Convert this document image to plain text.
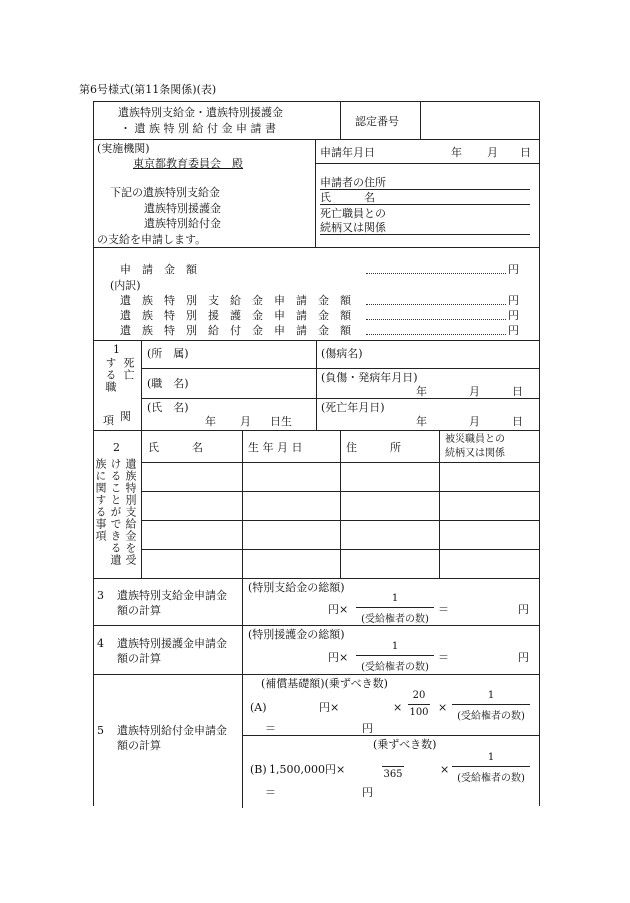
第6号様式(第11条関係)(表)
遺族特別支給金・遺族特別援護金
・ 遺 族 特 別 給 付 金 申 請 書
認定番号
(実施機関)
東京都教育委員会　殿
下記の遺族特別支給金
遺族特別援護金
遺族特別給付金
の支給を申請します。
申請年月日	年 月 日
申請者の住所
氏　　　名
死亡職員との
続柄又は関係
申　請　金　額	円
(内訳)
遺　族　特　別　支　給　金　申　請　金　額	円
遺　族　特　別　援　護　金　申　請　金　額	円
遺　族　特　別　給　付　金　申　請　金　額	円
1
死亡
する職
関
項
(所　属)
(職　名)
(氏　名)
年 月 日生
(傷病名)
(負傷・発病年月日)
年	月	日
(死亡年月日)
年	月	日
2
遺族特別支給金を受
けることができる遺
族に関する事項
氏　　　名	生 年 月 日	住　　　所
被災職員との
続柄又は関係
3 遺族特別支給金申請金
額の計算
(特別支給金の総額)
円×
1
(受給権者の数)
＝	円
4 遺族特別援護金申請金
額の計算
(特別援護金の総額)
円×
1
(受給権者の数)
＝	円
5 遺族特別給付金申請金
額の計算
(補償基礎額)(乗ずべき数)
(A)	円×	×
20
100 ×
1
(受給権者の数)
＝	円
(乗ずべき数)
(B) 1,500,000円×	365	×
1
(受給権者の数)
＝	円
